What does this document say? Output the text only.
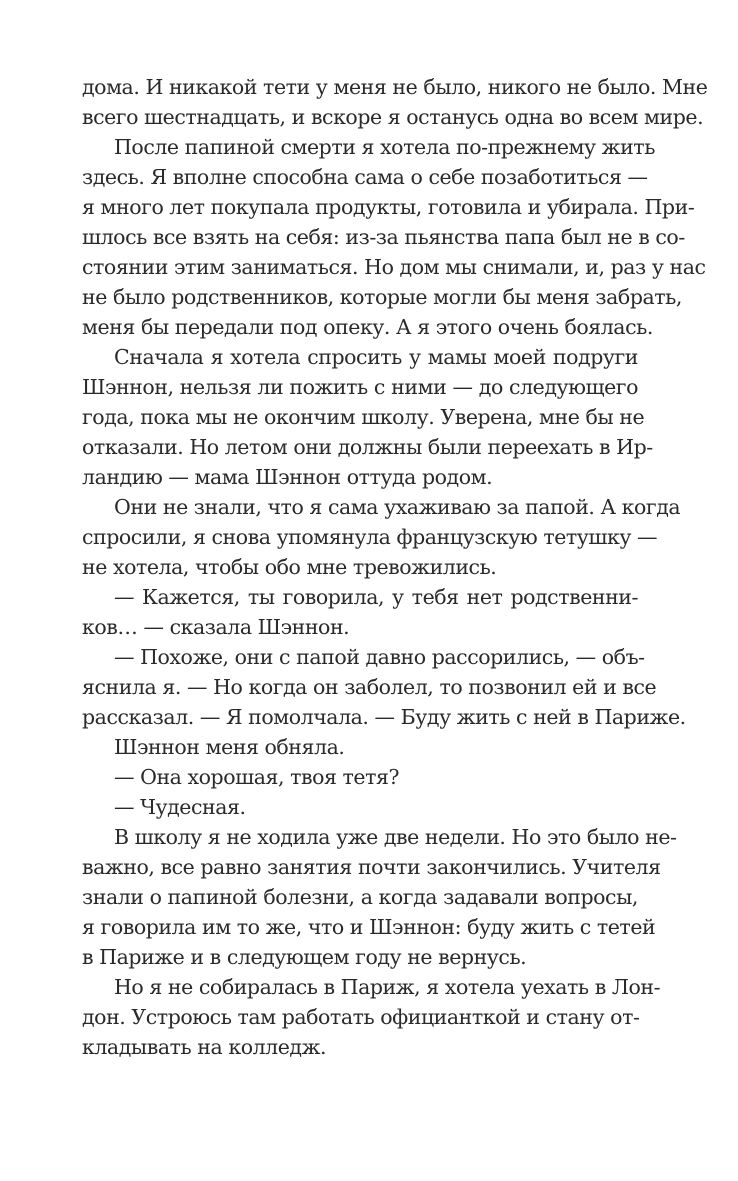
дома. И никакой тети у меня не было, никого не было. Мне
всего шестнадцать, и вскоре я останусь одна во всем мире.
После папиной смерти я хотела по-прежнему жить
здесь. Я вполне способна сама о себе позаботиться —
я много лет покупала продукты, готовила и убирала. При-
шлось все взять на себя: из-за пьянства папа был не в со-
стоянии этим заниматься. Но дом мы снимали, и, раз у нас
не было родственников, которые могли бы меня забрать,
меня бы передали под опеку. А я этого очень боялась.
Сначала я хотела спросить у мамы моей подруги
Шэннон, нельзя ли пожить с ними — до следующего
года, пока мы не окончим школу. Уверена, мне бы не
отказали. Но летом они должны были переехать в Ир-
ландию — мама Шэннон оттуда родом.
Они не знали, что я сама ухаживаю за папой. А когда
спросили, я снова упомянула французскую тетушку —
не хотела, чтобы обо мне тревожились.
— Кажется, ты говорила, у тебя нет родственни-
ков… — сказала Шэннон.
— Похоже, они с папой давно рассорились, — объ-
яснила я. — Но когда он заболел, то позвонил ей и все
рассказал. — Я помолчала. — Буду жить с ней в Париже.
Шэннон меня обняла.
— Она хорошая, твоя тетя?
— Чудесная.
В школу я не ходила уже две недели. Но это было не-
важно, все равно занятия почти закончились. Учителя
знали о папиной болезни, а когда задавали вопросы,
я говорила им то же, что и Шэннон: буду жить с тетей
в Париже и в следующем году не вернусь.
Но я не собиралась в Париж, я хотела уехать в Лон-
дон. Устроюсь там работать официанткой и стану от-
кладывать на колледж.
